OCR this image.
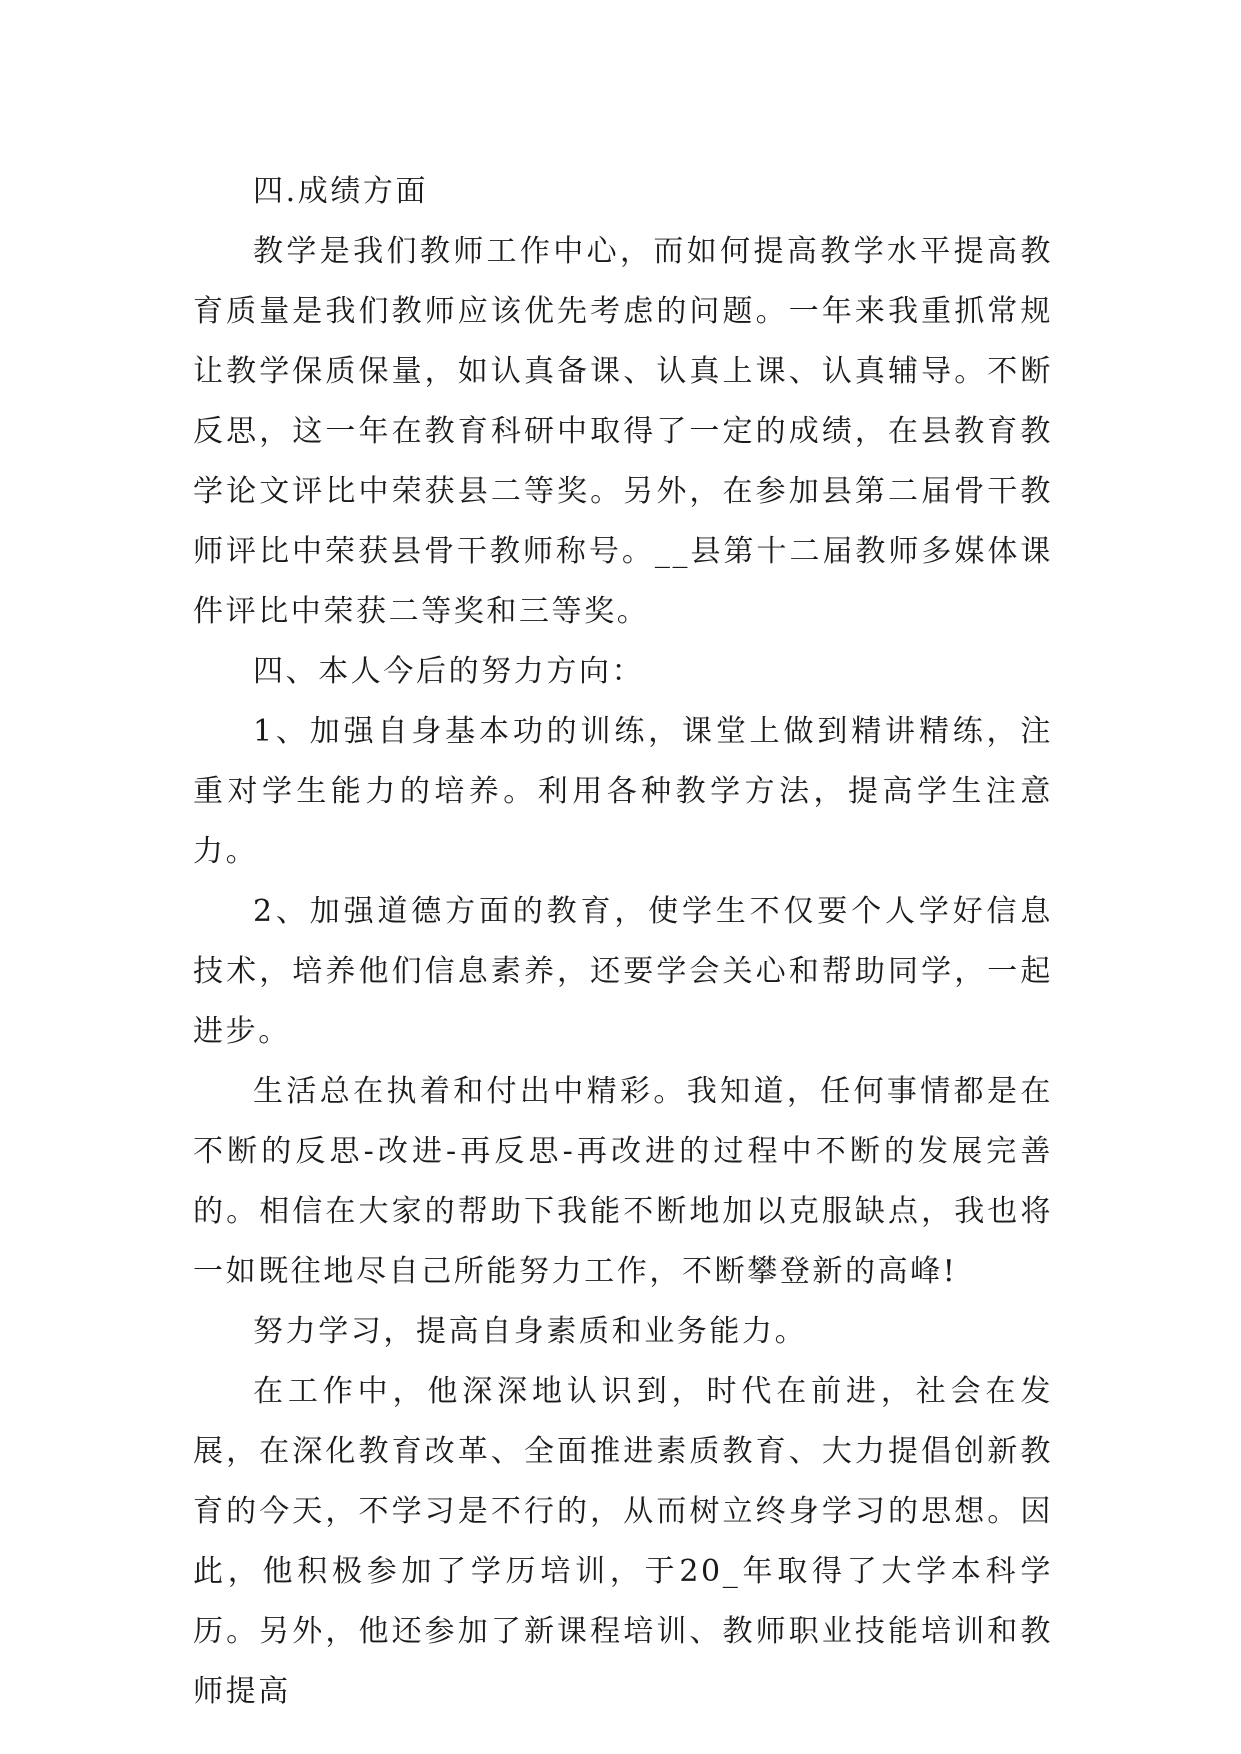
四.成绩方面

教学是我们教师工作中心，而如何提高教学水平提高教育质量是我们教师应该优先考虑的问题。一年来我重抓常规让教学保质保量，如认真备课、认真上课、认真辅导。不断反思，这一年在教育科研中取得了一定的成绩，在县教育教学论文评比中荣获县二等奖。另外，在参加县第二届骨干教师评比中荣获县骨干教师称号。__县第十二届教师多媒体课件评比中荣获二等奖和三等奖。

四、本人今后的努力方向：

1、加强自身基本功的训练，课堂上做到精讲精练，注重对学生能力的培养。利用各种教学方法，提高学生注意力。

2、加强道德方面的教育，使学生不仅要个人学好信息技术，培养他们信息素养，还要学会关心和帮助同学，一起进步。

生活总在执着和付出中精彩。我知道，任何事情都是在不断的反思-改进-再反思-再改进的过程中不断的发展完善的。相信在大家的帮助下我能不断地加以克服缺点，我也将一如既往地尽自己所能努力工作，不断攀登新的高峰!

努力学习，提高自身素质和业务能力。

在工作中，他深深地认识到，时代在前进，社会在发展，在深化教育改革、全面推进素质教育、大力提倡创新教育的今天，不学习是不行的，从而树立终身学习的思想。因此，他积极参加了学历培训，于20_年取得了大学本科学历。另外，他还参加了新课程培训、教师职业技能培训和教师提高
